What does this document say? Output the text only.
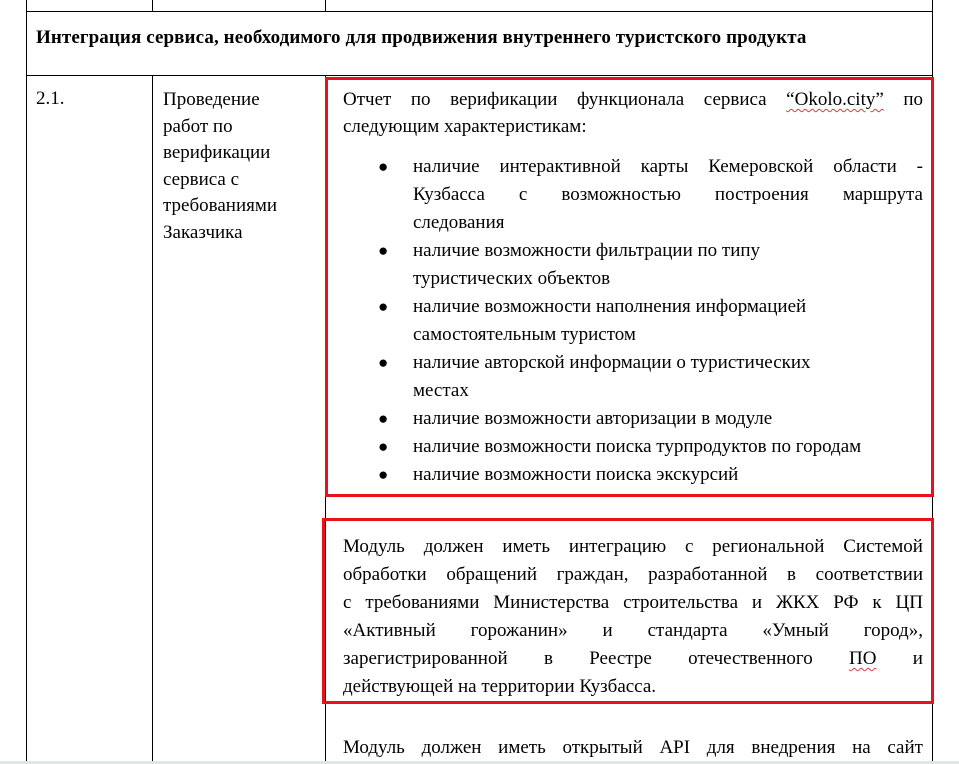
Интеграция сервиса, необходимого для продвижения внутреннего туристского продукта
2.1.	Проведение
работ по
верификации
сервиса с
требованиями
Заказчика
Отчет по верификации функционала сервиса “Okolo.city” по
следующим характеристикам:
● наличие интерактивной карты Кемеровской области -
Кузбасса с возможностью построения маршрута
следования
● наличие возможности фильтрации по типу
туристических объектов
● наличие возможности наполнения информацией
самостоятельным туристом
● наличие авторской информации о туристических
местах
● наличие возможности авторизации в модуле
● наличие возможности поиска турпродуктов по городам
● наличие возможности поиска экскурсий
Модуль должен иметь интеграцию с региональной Системой
обработки обращений граждан, разработанной в соответствии
с требованиями Министерства строительства и ЖКХ РФ к ЦП
«Активный горожанин» и стандарта «Умный город»,
зарегистрированной в Реестре отечественного ПО и
действующей на территории Кузбасса.
Модуль должен иметь открытый API для внедрения на сайт
